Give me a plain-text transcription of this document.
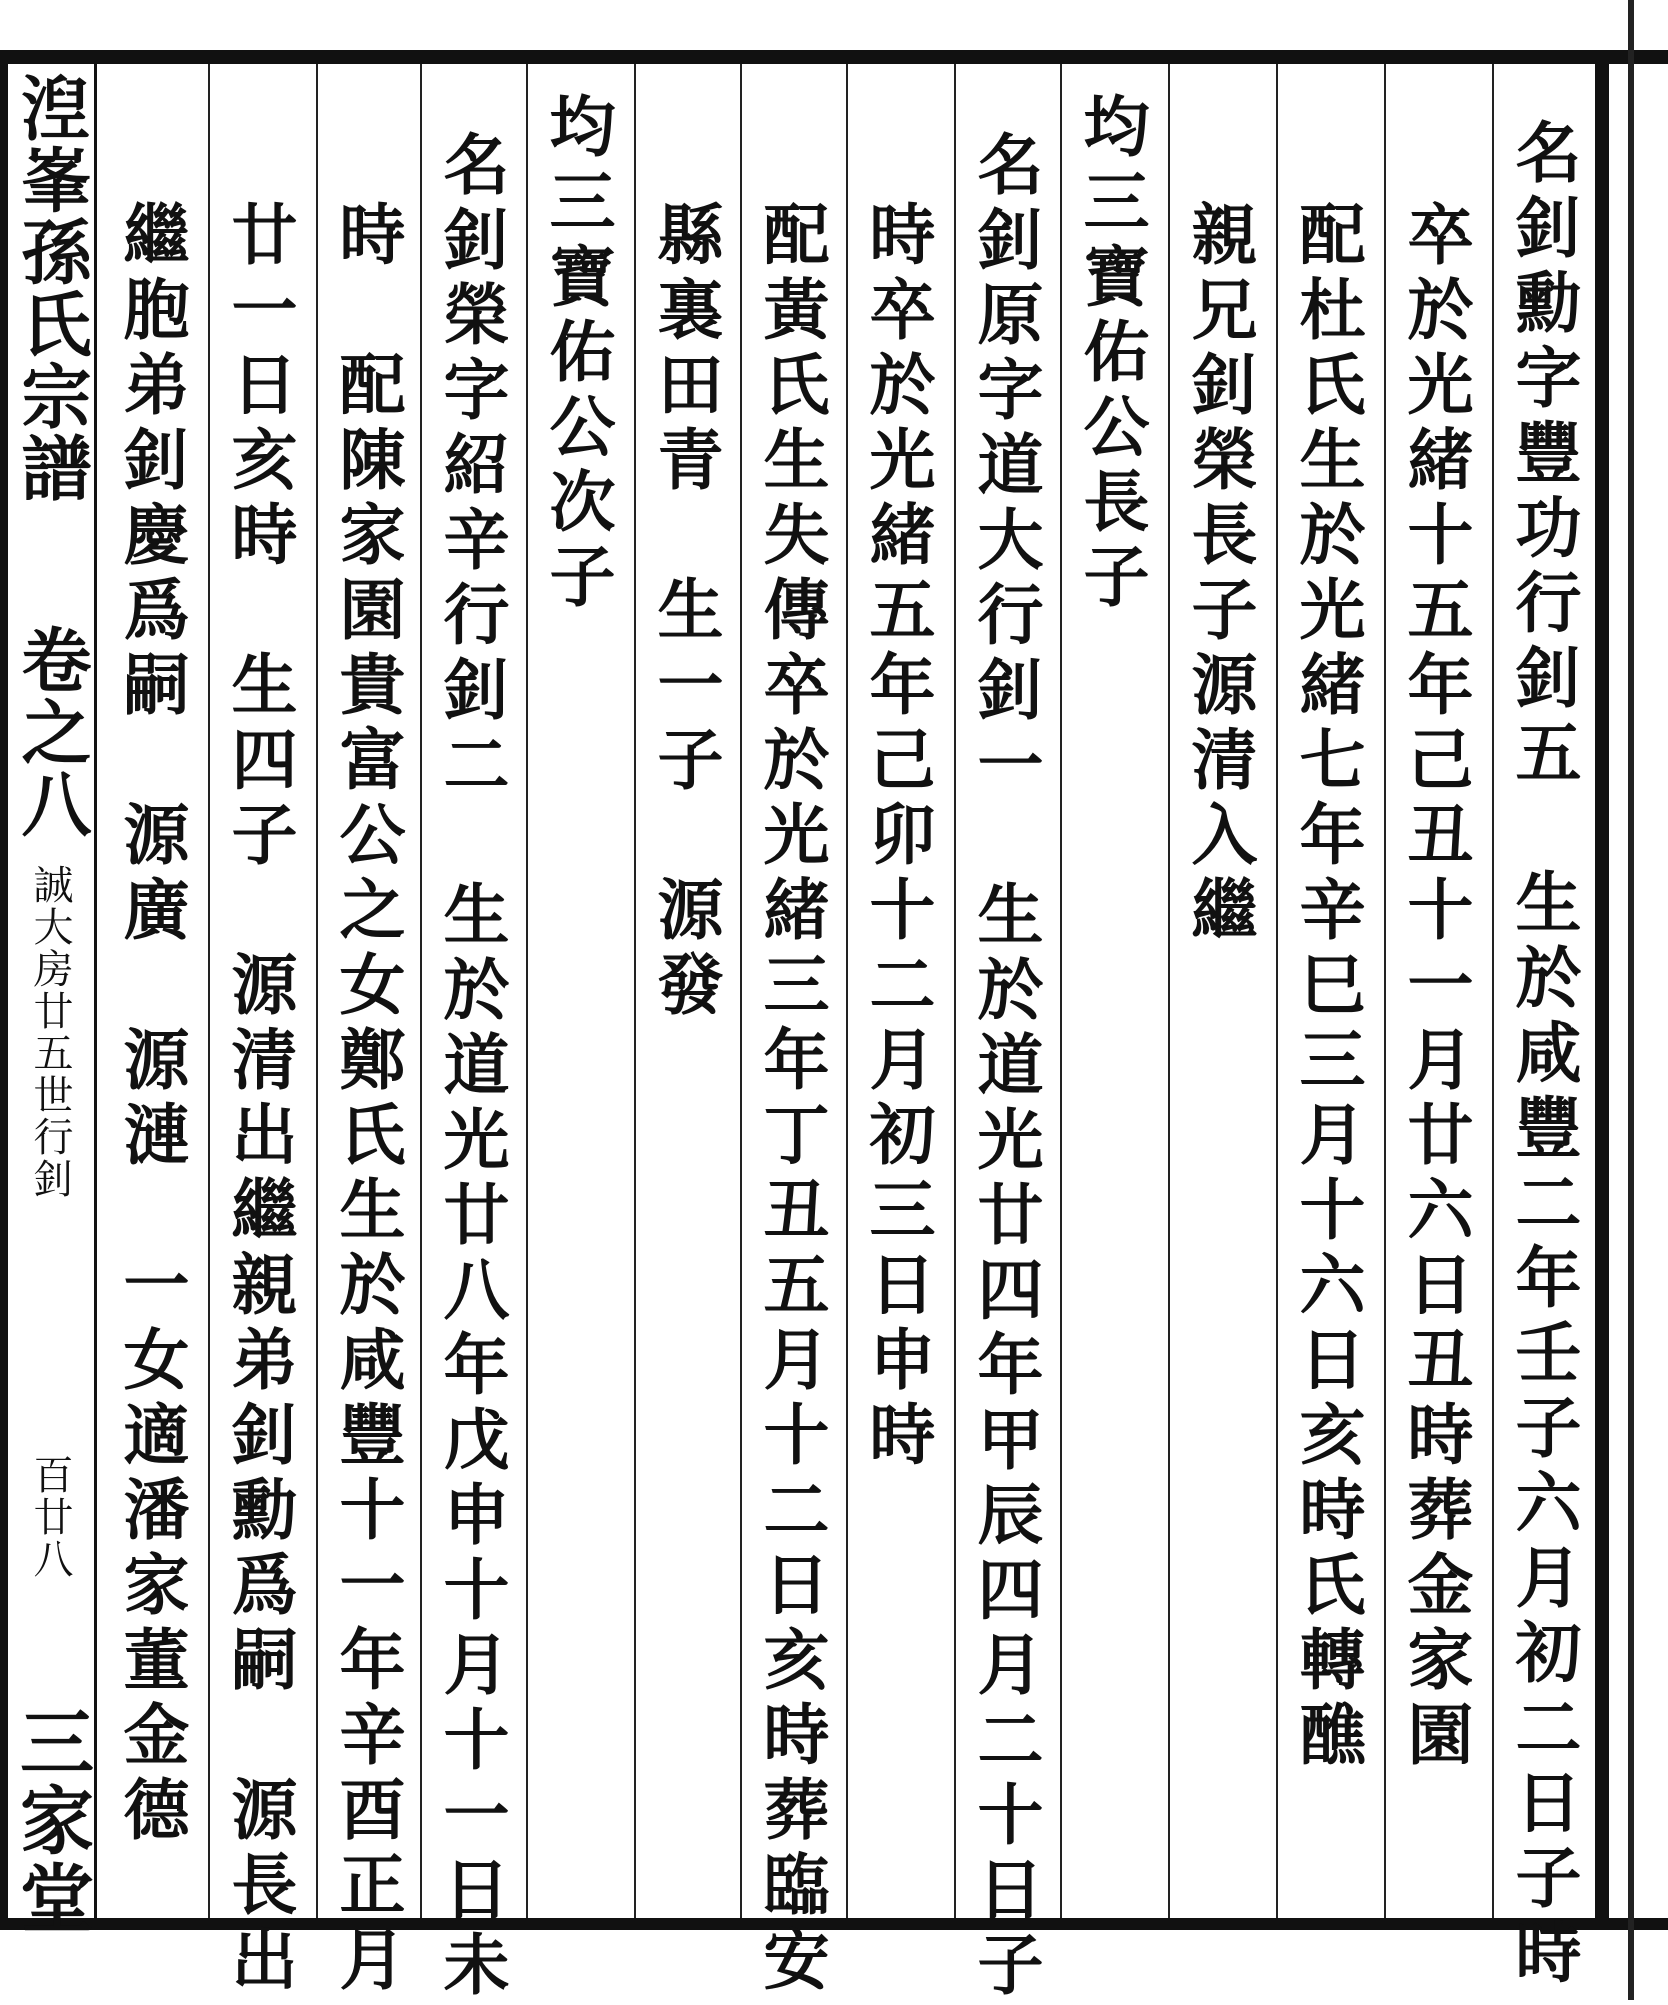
湼峯孫氏宗譜
卷之八
誠大房廿五世行釗
百廿八
三家堂	名釗勳字豐功行釗五　生於咸豐二年壬子六月初二日子時
卒於光緒十五年己丑十一月廿六日丑時葬金家園
配杜氏生於光緒七年辛巳三月十六日亥時氏轉醮
親兄釗榮長子源清入繼
均三寶佑公長子
名釗原字道大行釗一　生於道光廿四年甲辰四月二十日子
時卒於光緒五年己卯十二月初三日申時
配黃氏生失傳卒於光緒三年丁丑五月十二日亥時葬臨安
縣裏田青　生一子　源發
均三寶佑公次子
名釗榮字紹辛行釗二　生於道光廿八年戊申十月十一日未
時　配陳家園貴富公之女鄭氏生於咸豐十一年辛酉正月
廿一日亥時　生四子　源清出繼親弟釗勳爲嗣　源長出
繼胞弟釗慶爲嗣　源廣　源漣　一女適潘家董金德
